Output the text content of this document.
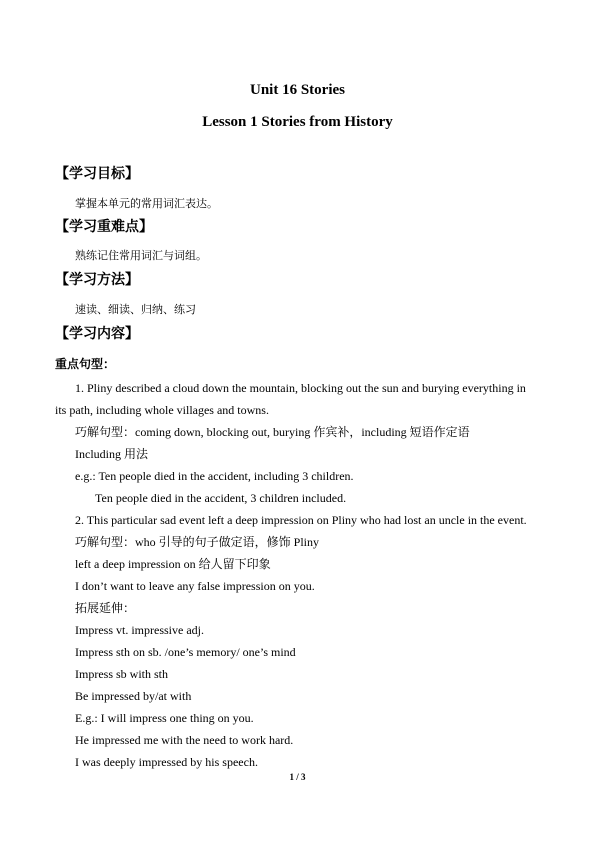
Unit 16 Stories
Lesson 1 Stories from History
【学习目标】
掌握本单元的常用词汇表达。
【学习重难点】
熟练记住常用词汇与词组。
【学习方法】
速读、细读、归纳、练习
【学习内容】
重点句型：
1. Pliny described a cloud down the mountain, blocking out the sun and burying everything in
its path, including whole villages and towns.
巧解句型：coming down, blocking out, burying 作宾补，including 短语作定语
Including 用法
e.g.: Ten people died in the accident, including 3 children.
Ten people died in the accident, 3 children included.
2. This particular sad event left a deep impression on Pliny who had lost an uncle in the event.
巧解句型：who 引导的句子做定语，修饰 Pliny
left a deep impression on 给人留下印象
I don’t want to leave any false impression on you.
拓展延伸：
Impress vt. impressive adj.
Impress sth on sb. /one’s memory/ one’s mind
Impress sb with sth
Be impressed by/at with
E.g.: I will impress one thing on you.
He impressed me with the need to work hard.
I was deeply impressed by his speech.
1 / 3
